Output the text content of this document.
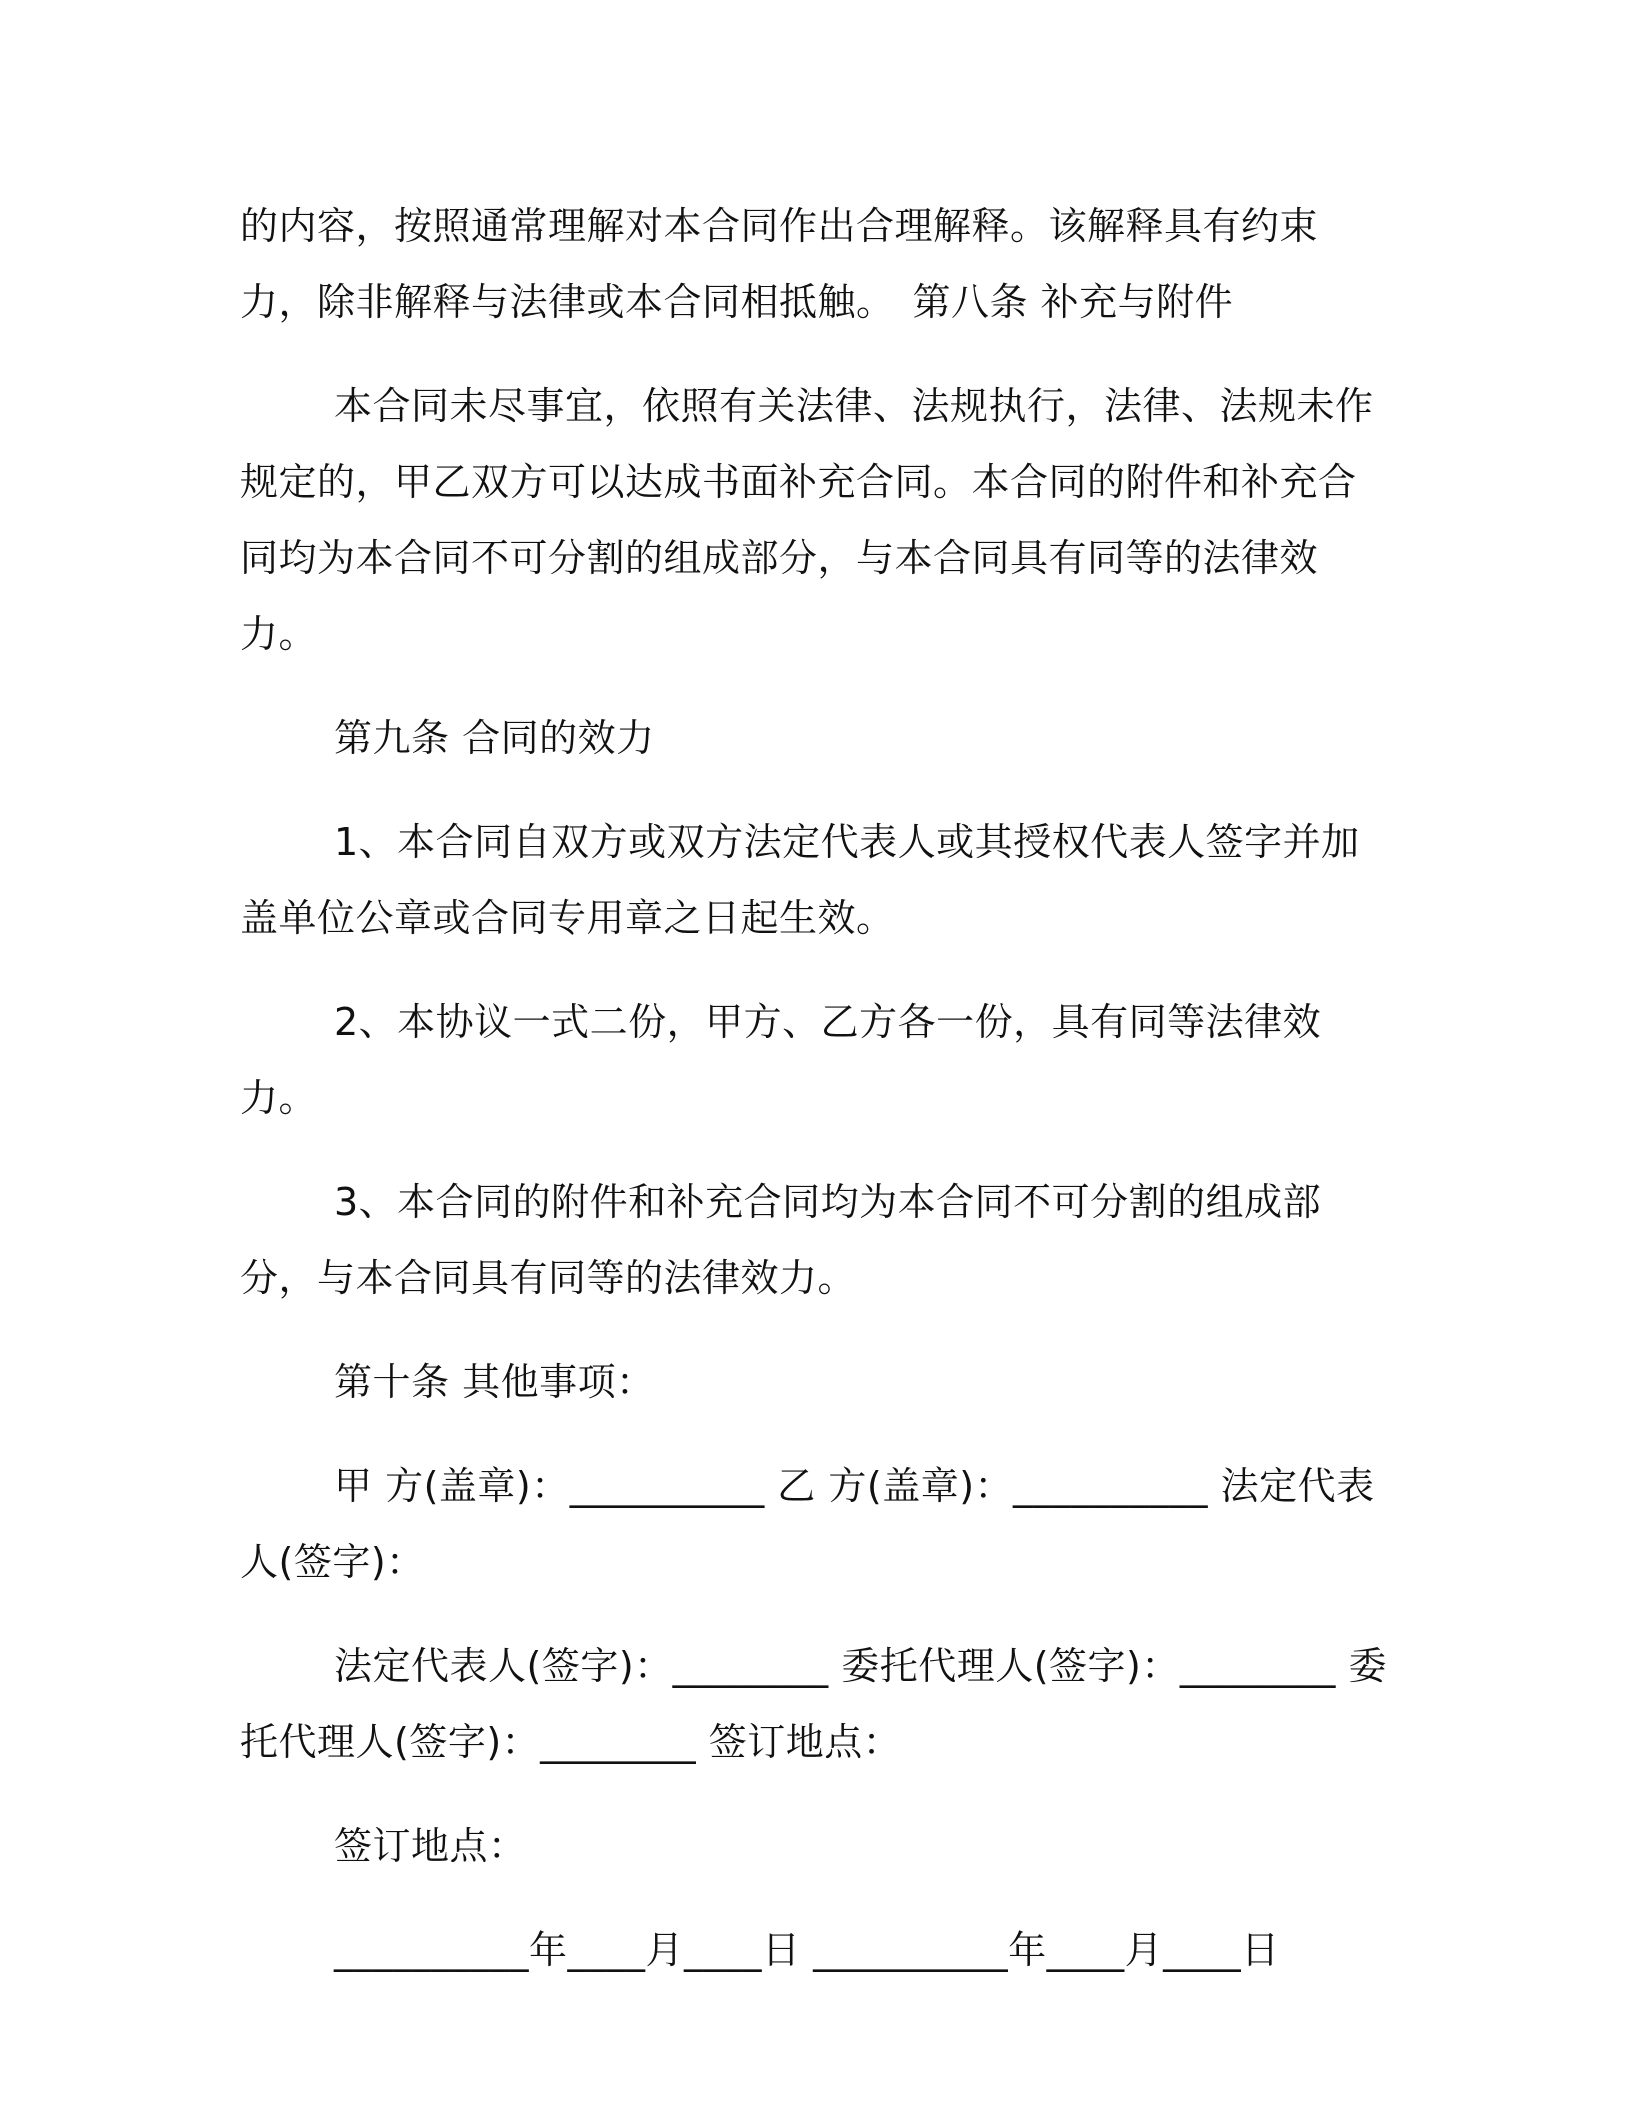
的内容，按照通常理解对本合同作出合理解释。该解释具有约束力，除非解释与法律或本合同相抵触。 第八条 补充与附件

本合同未尽事宜，依照有关法律、法规执行，法律、法规未作规定的，甲乙双方可以达成书面补充合同。本合同的附件和补充合同均为本合同不可分割的组成部分，与本合同具有同等的法律效力。

第九条 合同的效力

1、本合同自双方或双方法定代表人或其授权代表人签字并加盖单位公章或合同专用章之日起生效。

2、本协议一式二份，甲方、乙方各一份，具有同等法律效力。

3、本合同的附件和补充合同均为本合同不可分割的组成部分，与本合同具有同等的法律效力。

第十条 其他事项：

甲 方(盖章)：__________ 乙 方(盖章)：__________ 法定代表人(签字)：

法定代表人(签字)：________ 委托代理人(签字)：________ 委托代理人(签字)：________ 签订地点：

签订地点：

__________年____月____日 __________年____月____日
